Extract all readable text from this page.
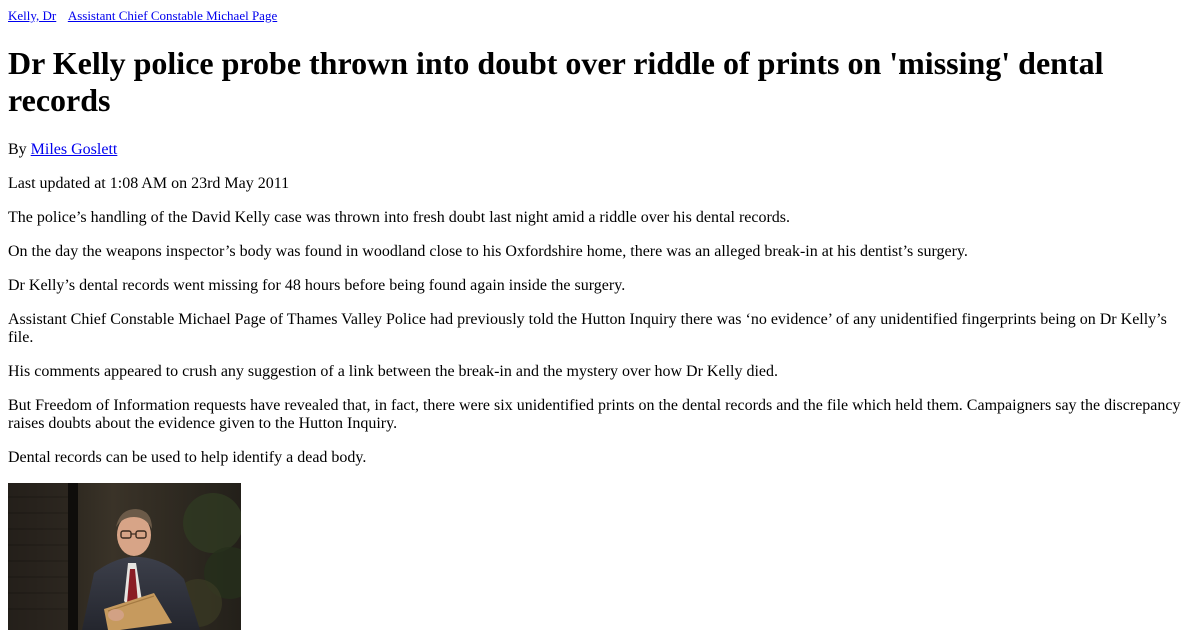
Kelly, Dr Assistant Chief Constable Michael Page
Dr Kelly police probe thrown into doubt over riddle of prints on 'missing' dental records

By Miles Goslett

Last updated at 1:08 AM on 23rd May 2011

The police’s handling of the David Kelly case was thrown into fresh doubt last night amid a riddle over his dental records.

On the day the weapons inspector’s body was found in woodland close to his Oxfordshire home, there was an alleged break-in at his dentist’s surgery.

Dr Kelly’s dental records went missing for 48 hours before being found again inside the surgery.

Assistant Chief Constable Michael Page of Thames Valley Police had previously told the Hutton Inquiry there was ‘no evidence’ of any unidentified fingerprints being on Dr Kelly’s file.

His comments appeared to crush any suggestion of a link between the break-in and the mystery over how Dr Kelly died.

But Freedom of Information requests have revealed that, in fact, there were six unidentified prints on the dental records and the file which held them. Campaigners say the discrepancy raises doubts about the evidence given to the Hutton Inquiry.

Dental records can be used to help identify a dead body.
